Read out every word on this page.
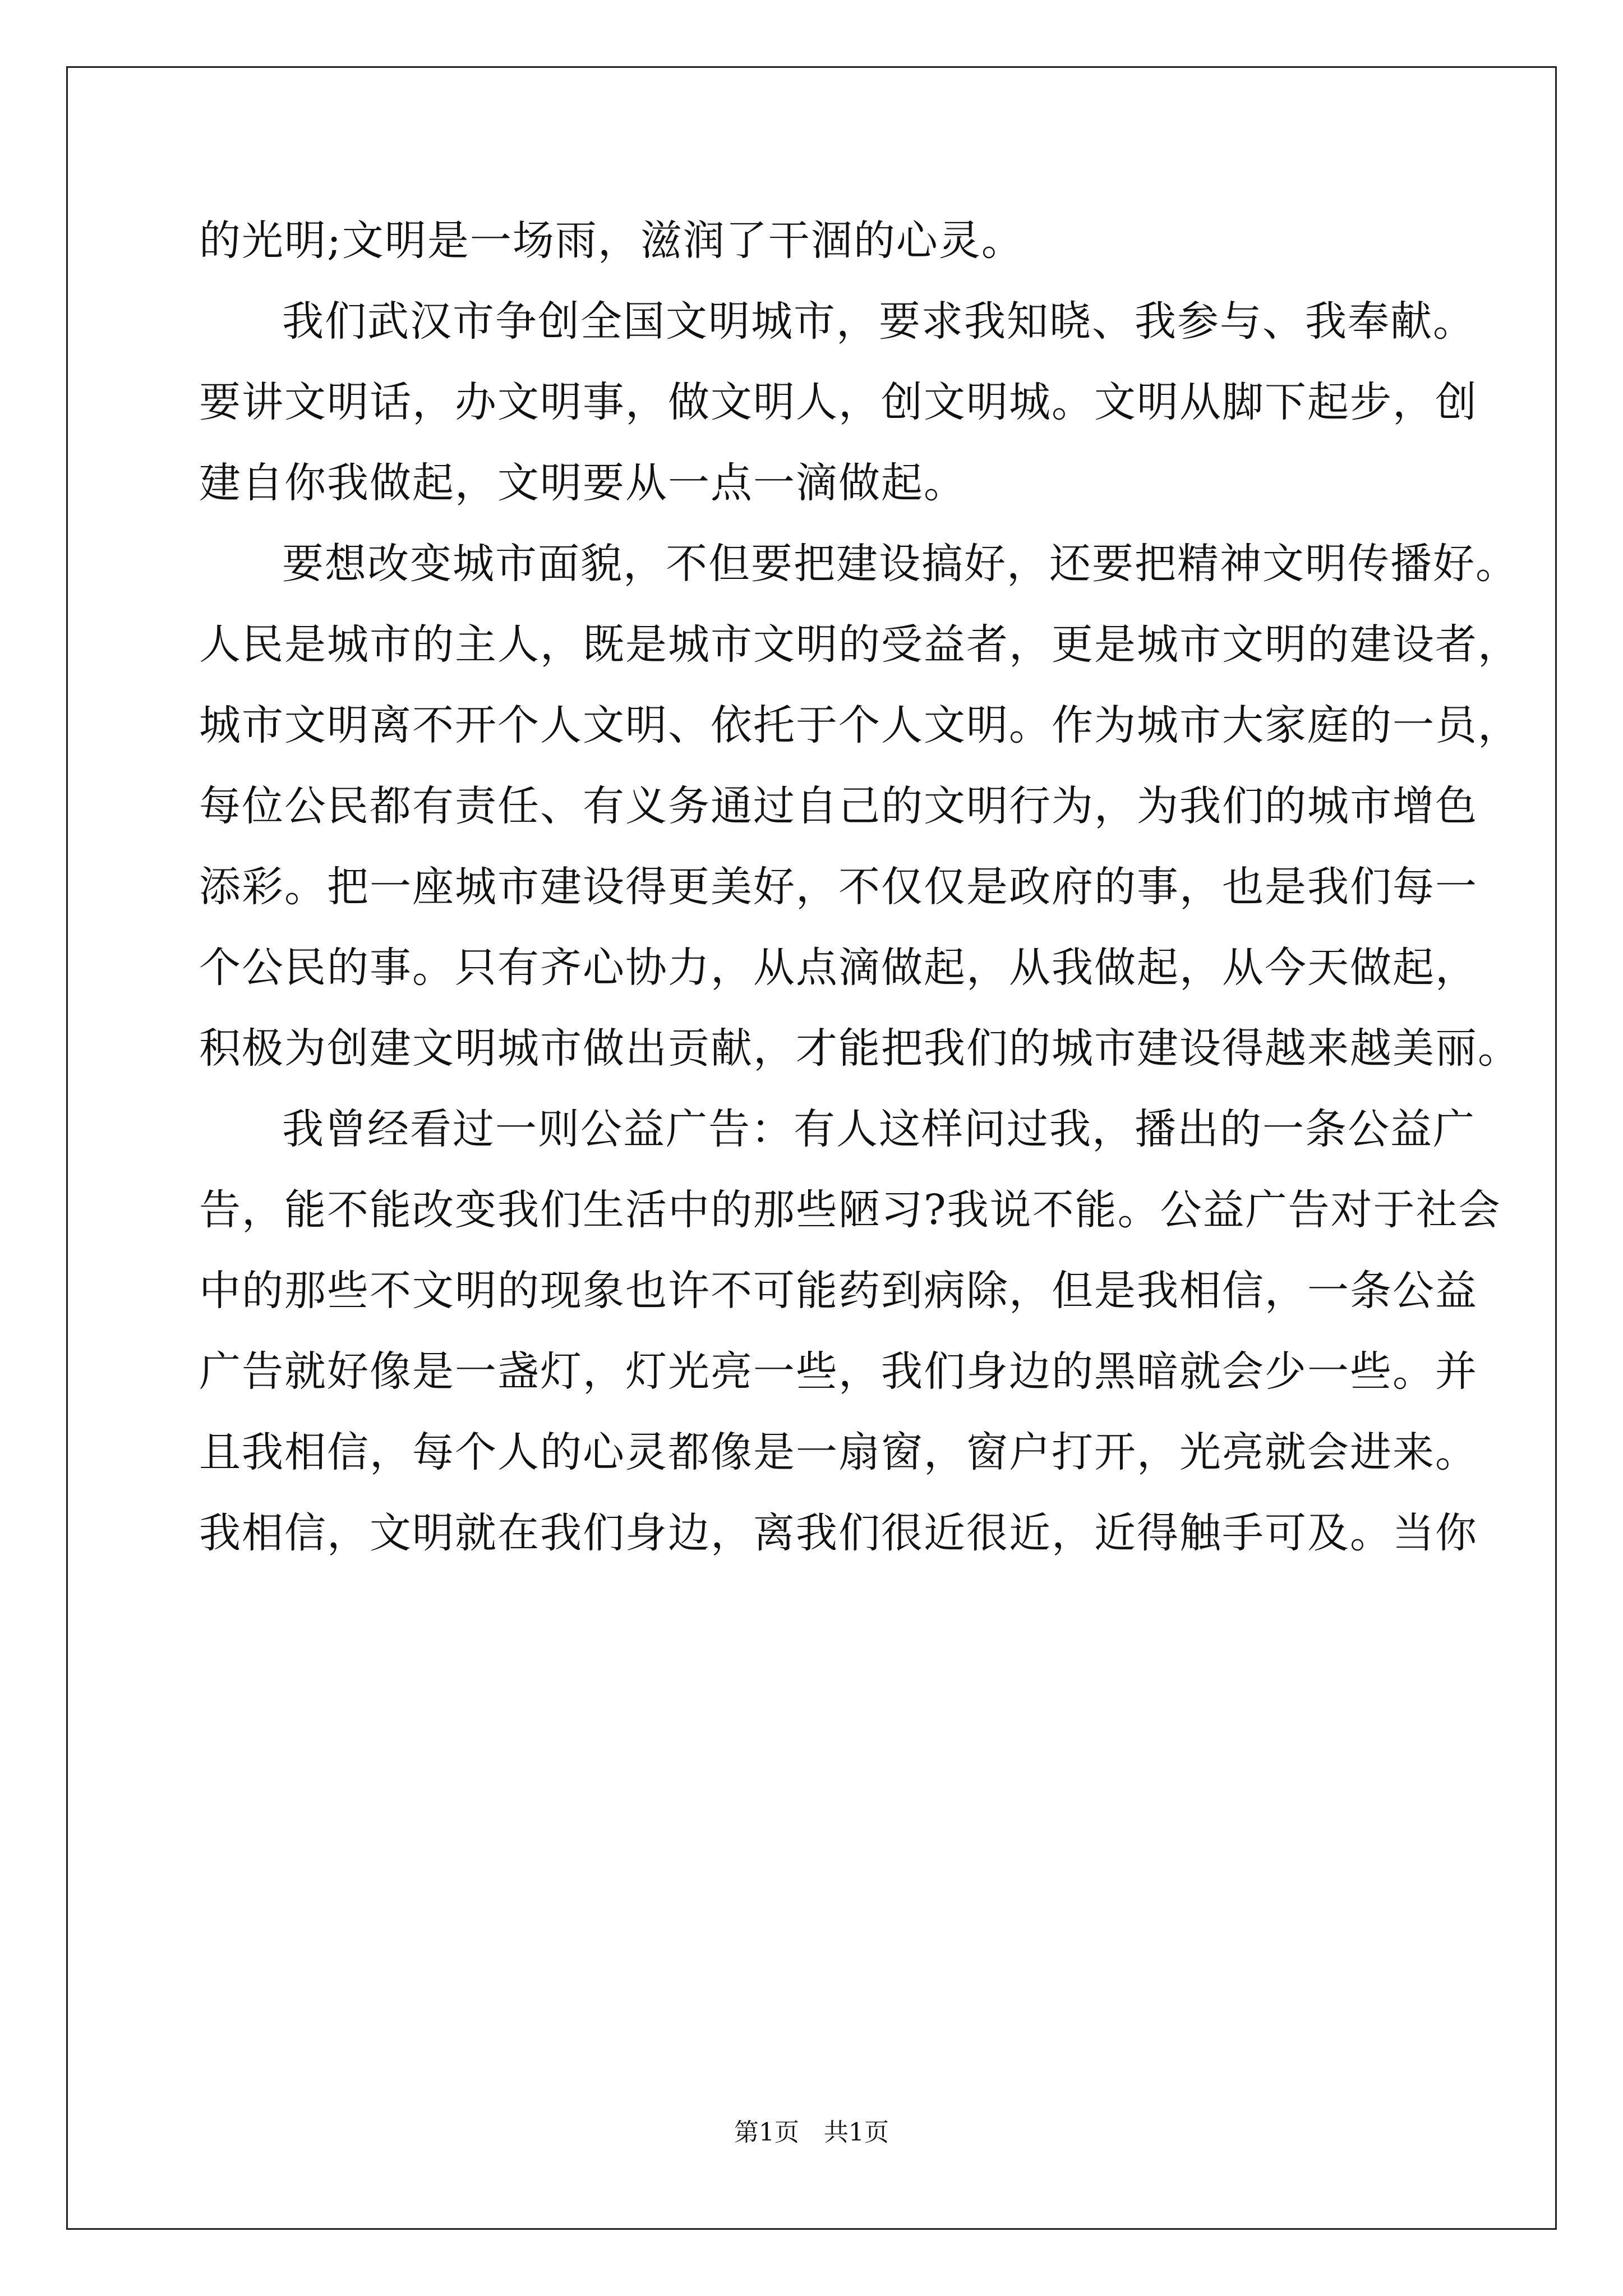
的光明;文明是一场雨，滋润了干涸的心灵。
我们武汉市争创全国文明城市，要求我知晓、我参与、我奉献。
要讲文明话，办文明事，做文明人，创文明城。文明从脚下起步，创
建自你我做起，文明要从一点一滴做起。
要想改变城市面貌，不但要把建设搞好，还要把精神文明传播好。
人民是城市的主人，既是城市文明的受益者，更是城市文明的建设者，
城市文明离不开个人文明、依托于个人文明。作为城市大家庭的一员，
每位公民都有责任、有义务通过自己的文明行为，为我们的城市增色
添彩。把一座城市建设得更美好，不仅仅是政府的事，也是我们每一
个公民的事。只有齐心协力，从点滴做起，从我做起，从今天做起，
积极为创建文明城市做出贡献，才能把我们的城市建设得越来越美丽。
我曾经看过一则公益广告：有人这样问过我，播出的一条公益广
告，能不能改变我们生活中的那些陋习?我说不能。公益广告对于社会
中的那些不文明的现象也许不可能药到病除，但是我相信，一条公益
广告就好像是一盏灯，灯光亮一些，我们身边的黑暗就会少一些。并
且我相信，每个人的心灵都像是一扇窗，窗户打开，光亮就会进来。
我相信，文明就在我们身边，离我们很近很近，近得触手可及。当你
第1页　共1页
